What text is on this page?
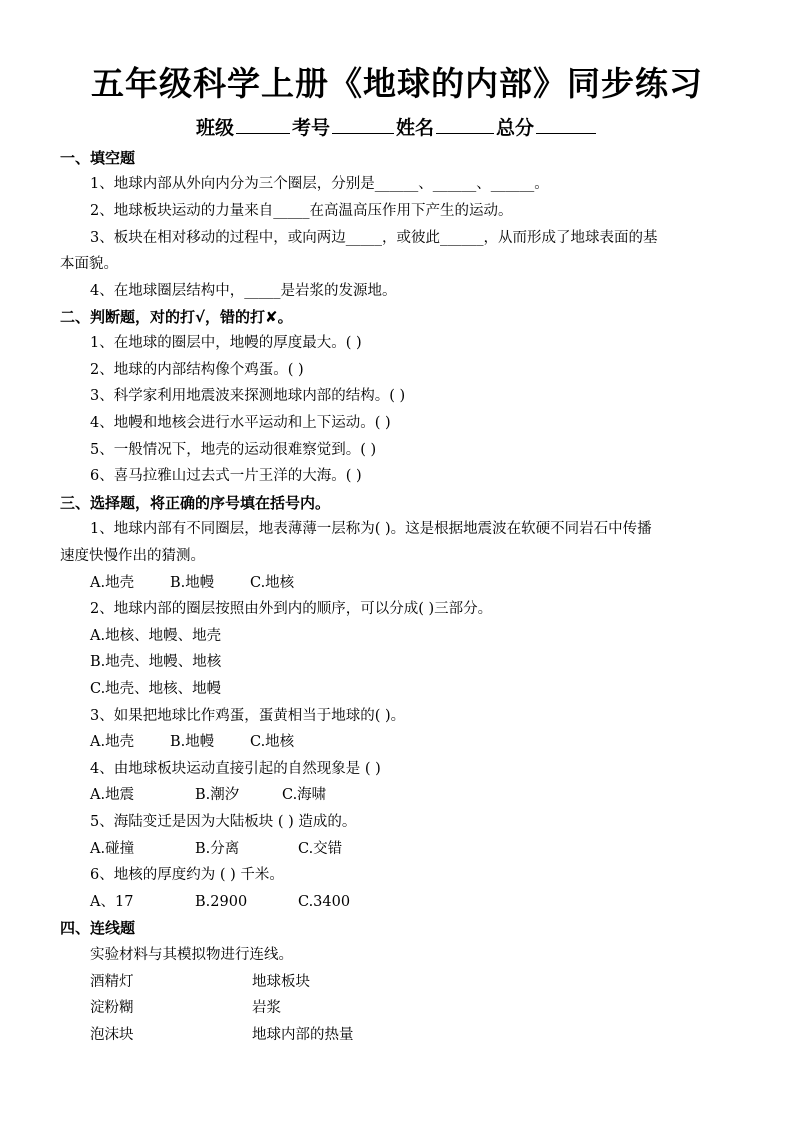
五年级科学上册《地球的内部》同步练习
班级	考号	姓名	总分
一、填空题
1、地球内部从外向内分为三个圈层，分别是______、______、______。
2、地球板块运动的力量来自_____在高温高压作用下产生的运动。
3、板块在相对移动的过程中，或向两边_____，或彼此______，从而形成了地球表面的基
本面貌。
4、在地球圈层结构中，_____是岩浆的发源地。
二、判断题，对的打√，错的打✘。
1、在地球的圈层中，地幔的厚度最大。( )
2、地球的内部结构像个鸡蛋。( )
3、科学家利用地震波来探测地球内部的结构。( )
4、地幔和地核会进行水平运动和上下运动。( )
5、一般情况下，地壳的运动很难察觉到。( )
6、喜马拉雅山过去式一片王洋的大海。( )
三、选择题，将正确的序号填在括号内。
1、地球内部有不同圈层，地表薄薄一层称为( )。这是根据地震波在软硬不同岩石中传播
速度快慢作出的猜测。
A.地壳 B.地幔 C.地核
2、地球内部的圈层按照由外到内的顺序，可以分成( )三部分。
A.地核、地幔、地壳
B.地壳、地幔、地核
C.地壳、地核、地幔
3、如果把地球比作鸡蛋，蛋黄相当于地球的( )。
A.地壳 B.地幔 C.地核
4、由地球板块运动直接引起的自然现象是 ( )
A.地震	B.潮汐	C.海啸
5、海陆变迁是因为大陆板块 ( ) 造成的。
A.碰撞	B.分离	C.交错
6、地核的厚度约为 ( ) 千米。
A、17	B.2900	C.3400
四、连线题
实验材料与其模拟物进行连线。
酒精灯	地球板块
淀粉糊	岩浆
泡沫块	地球内部的热量
